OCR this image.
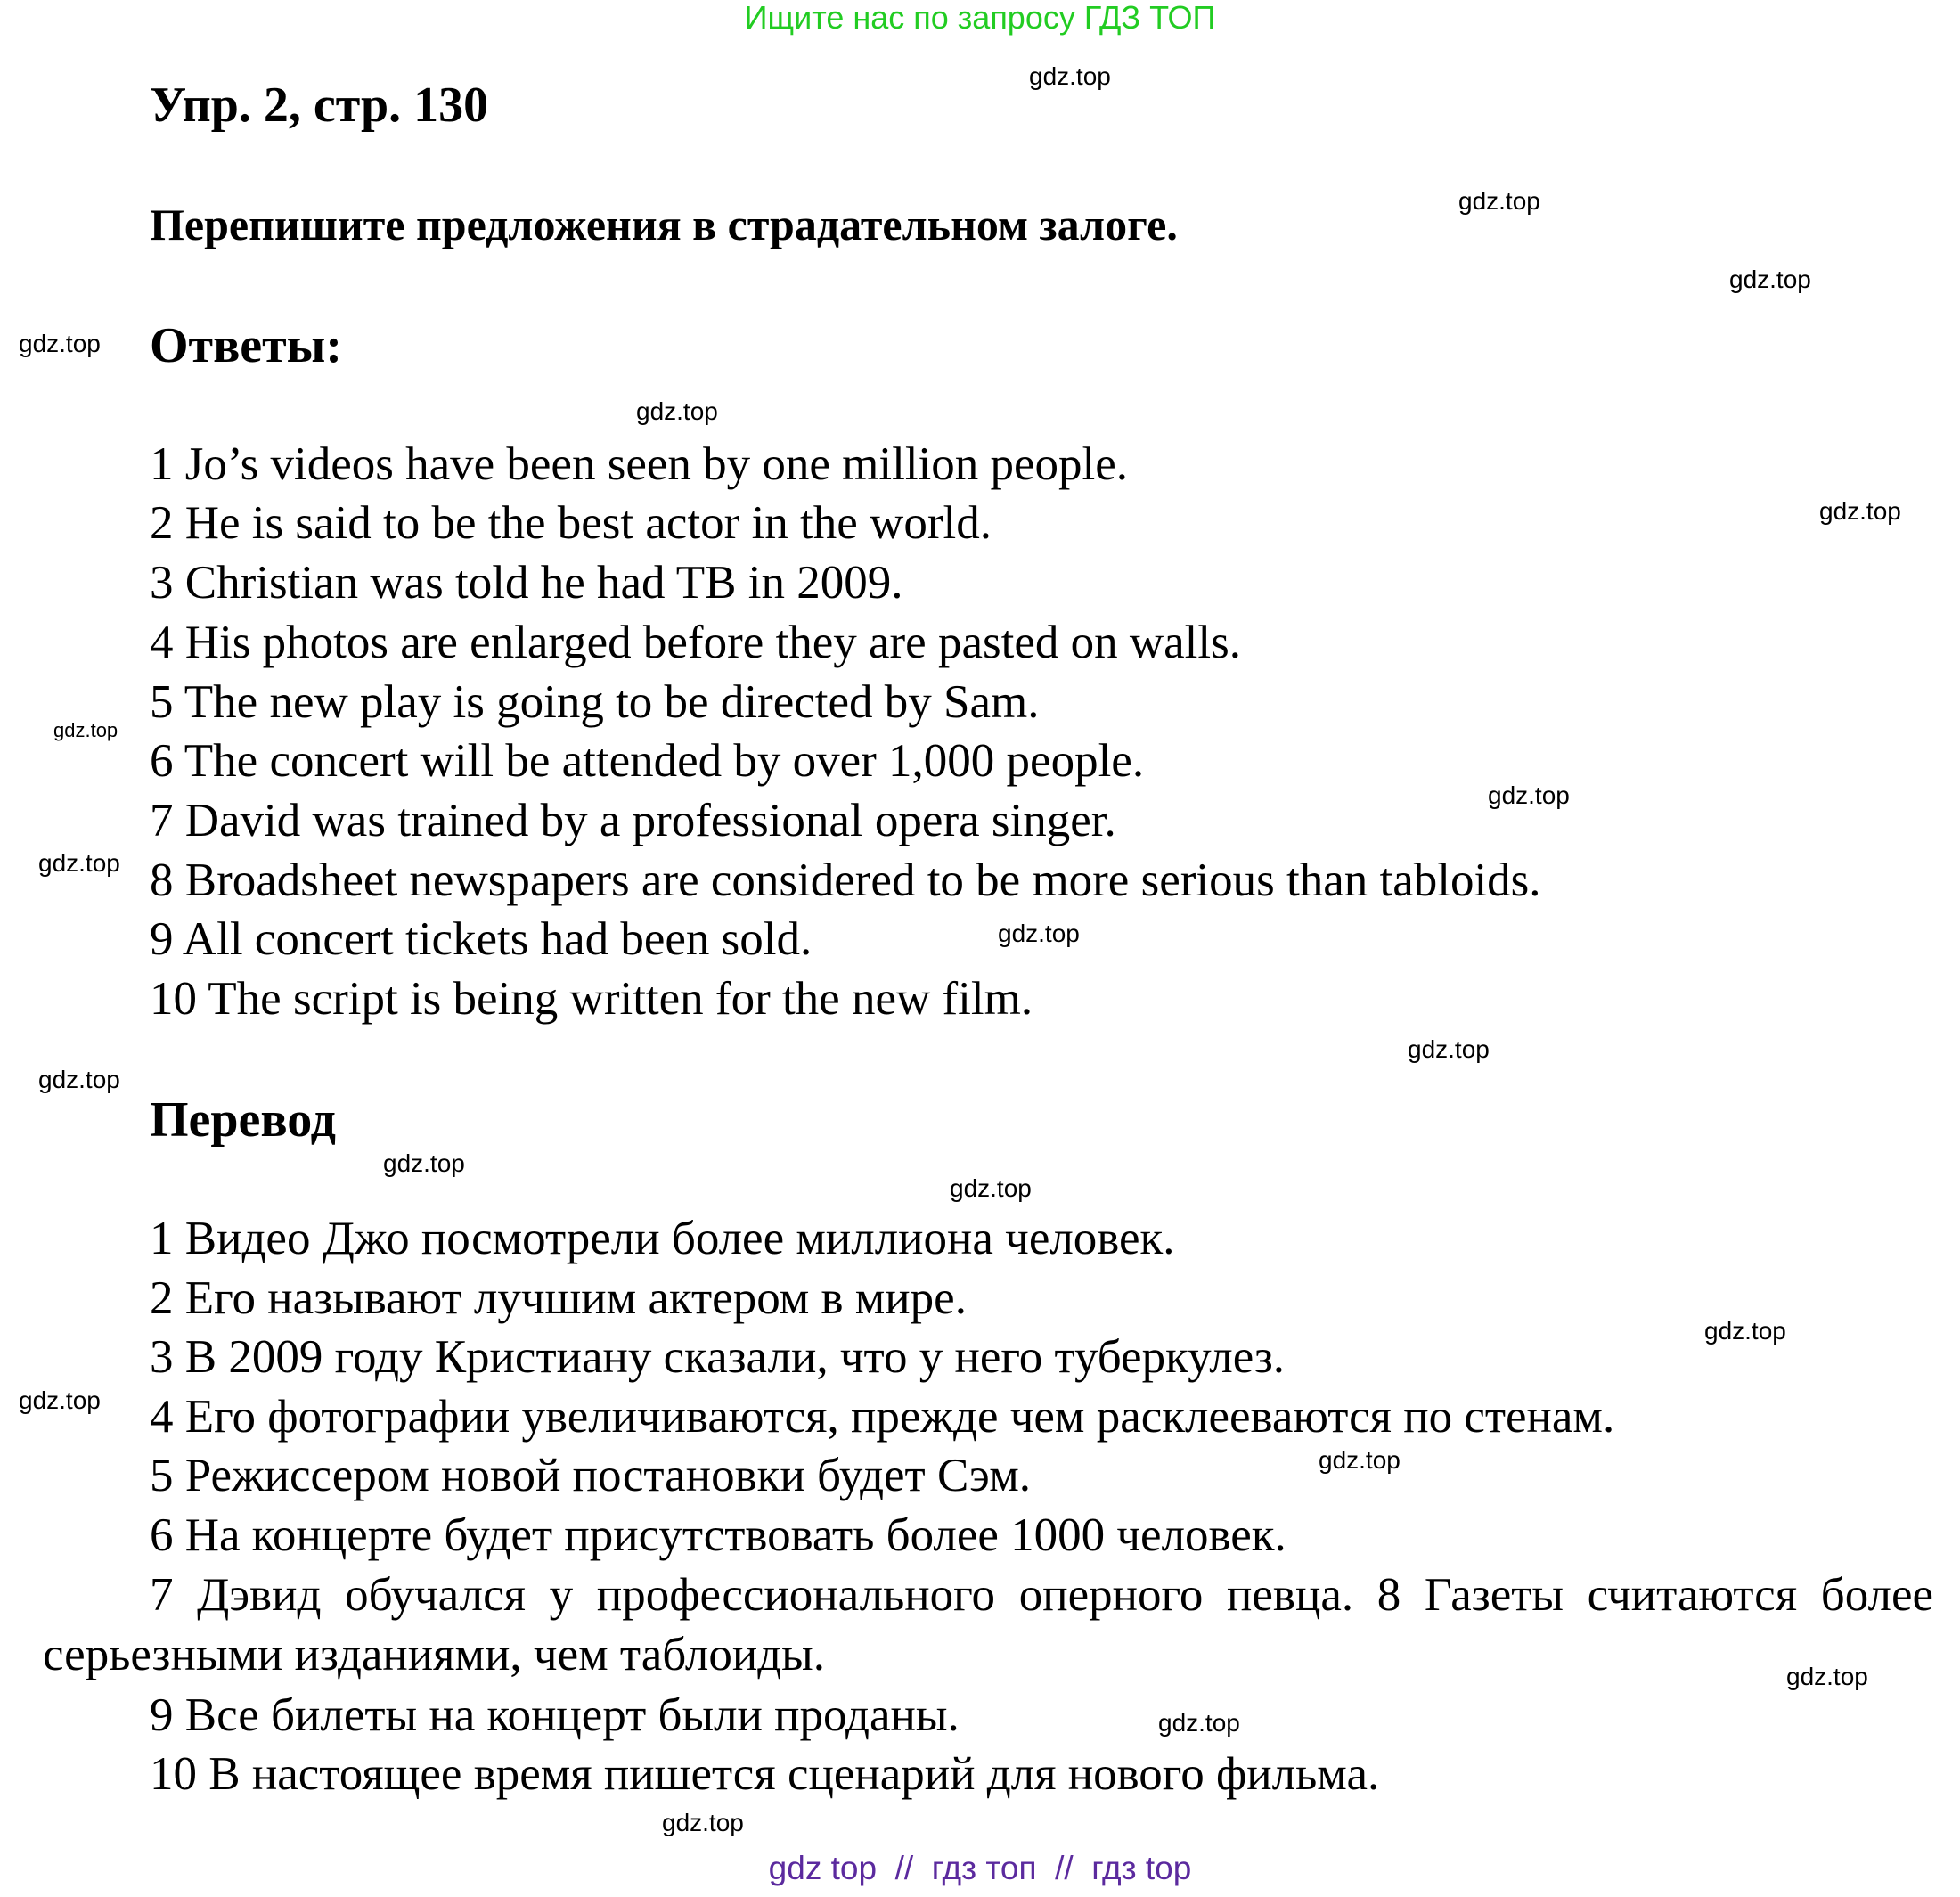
Ищите нас по запросу ГДЗ ТОП
Упр. 2, стр. 130
Перепишите предложения в страдательном залоге.
Ответы:
1 Jo’s videos have been seen by one million people.
2 He is said to be the best actor in the world.
3 Christian was told he had TB in 2009.
4 His photos are enlarged before they are pasted on walls.
5 The new play is going to be directed by Sam.
6 The concert will be attended by over 1,000 people.
7 David was trained by a professional opera singer.
8 Broadsheet newspapers are considered to be more serious than tabloids.
9 All concert tickets had been sold.
10 The script is being written for the new film.
Перевод
1 Видео Джо посмотрели более миллиона человек.
2 Его называют лучшим актером в мире.
3 В 2009 году Кристиану сказали, что у него туберкулез.
4 Его фотографии увеличиваются, прежде чем расклееваются по стенам.
5 Режиссером новой постановки будет Сэм.
6 На концерте будет присутствовать более 1000 человек.
7 Дэвид обучался у профессионального оперного певца. 8 Газеты считаются более серьезными изданиями, чем таблоиды.
9 Все билеты на концерт были проданы.
10 В настоящее время пишется сценарий для нового фильма.
gdz.top
gdz.top
gdz.top
gdz.top
gdz.top
gdz.top
gdz.top
gdz.top
gdz.top
gdz.top
gdz.top
gdz.top
gdz.top
gdz.top
gdz.top
gdz.top
gdz.top
gdz.top
gdz.top
gdz.top
gdz top  //  гдз топ  //  гдз top
